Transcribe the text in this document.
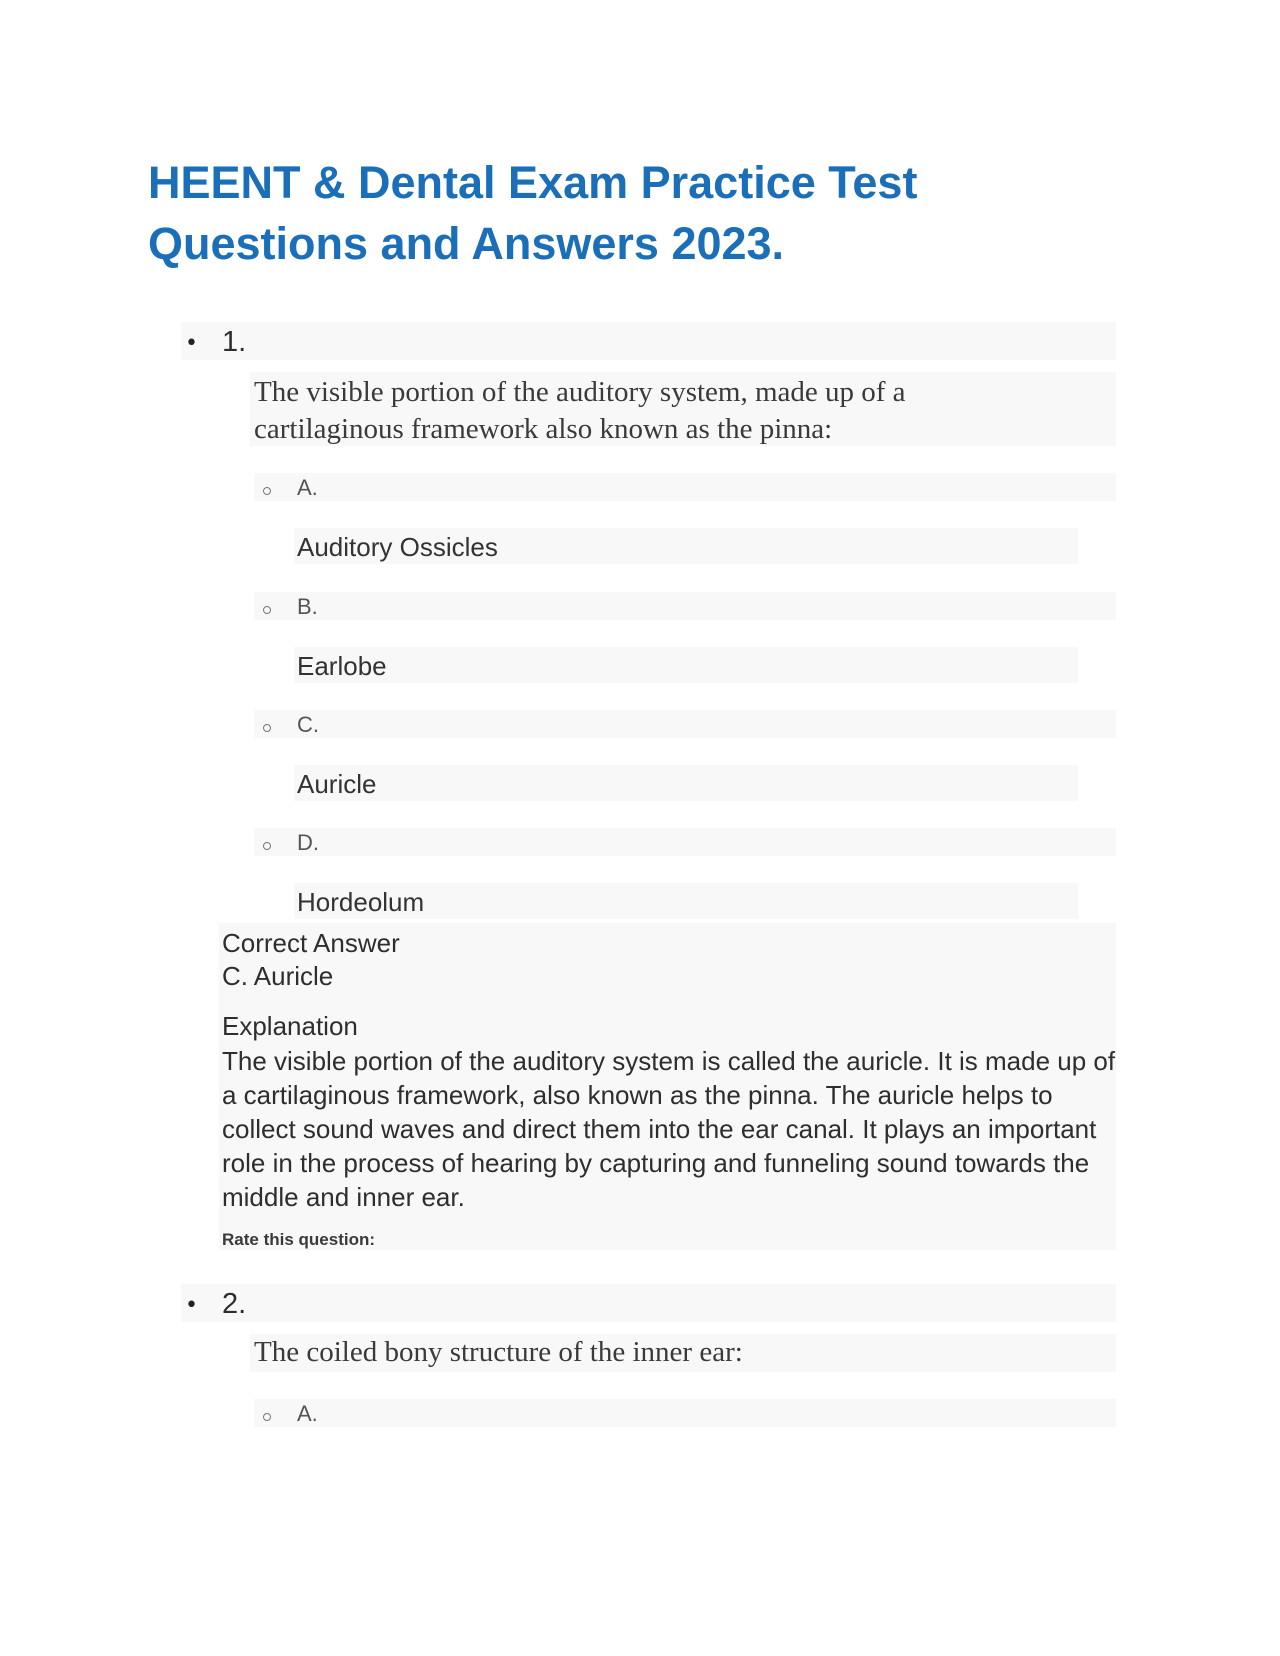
HEENT & Dental Exam Practice Test Questions and Answers 2023.
• 1.
The visible portion of the auditory system, made up of a cartilaginous framework also known as the pinna:
A.
Auditory Ossicles
B.
Earlobe
C.
Auricle
D.
Hordeolum
Correct Answer
C. Auricle
Explanation
The visible portion of the auditory system is called the auricle. It is made up of a cartilaginous framework, also known as the pinna. The auricle helps to collect sound waves and direct them into the ear canal. It plays an important role in the process of hearing by capturing and funneling sound towards the middle and inner ear.
Rate this question:
• 2.
The coiled bony structure of the inner ear:
A.
